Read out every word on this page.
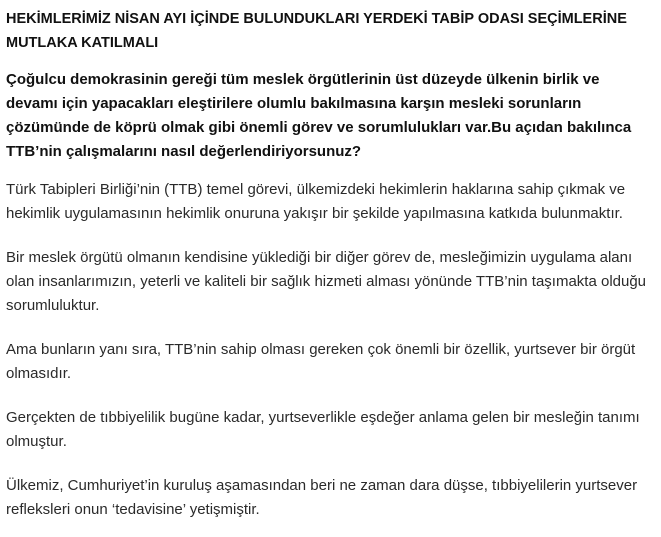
HEKİMLERİMİZ NİSAN AYI İÇİNDE BULUNDUKLARI YERDEKİ TABİP ODASI SEÇİMLERİNE MUTLAKA KATILMALI

Çoğulcu demokrasinin gereği tüm meslek örgütlerinin üst düzeyde ülkenin birlik ve devamı için yapacakları eleştirilere olumlu bakılmasına karşın mesleki sorunların çözümünde de köprü olmak gibi önemli görev ve sorumlulukları var.Bu açıdan bakılınca TTB’nin çalışmalarını nasıl değerlendiriyorsunuz?

Türk Tabipleri Birliği’nin (TTB) temel görevi, ülkemizdeki hekimlerin haklarına sahip çıkmak ve hekimlik uygulamasının hekimlik onuruna yakışır bir şekilde yapılmasına katkıda bulunmaktır.

Bir meslek örgütü olmanın kendisine yüklediği bir diğer görev de, mesleğimizin uygulama alanı olan insanlarımızın, yeterli ve kaliteli bir sağlık hizmeti alması yönünde TTB’nin taşımakta olduğu sorumluluktur.

Ama bunların yanı sıra, TTB’nin sahip olması gereken çok önemli bir özellik, yurtsever bir örgüt olmasıdır.

Gerçekten de tıbbiyelilik bugüne kadar, yurtseverlikle eşdeğer anlama gelen bir mesleğin tanımı olmuştur.

Ülkemiz, Cumhuriyet’in kuruluş aşamasından beri ne zaman dara düşse, tıbbiyelilerin yurtsever refleksleri onun ‘tedavisine’ yetişmiştir.
